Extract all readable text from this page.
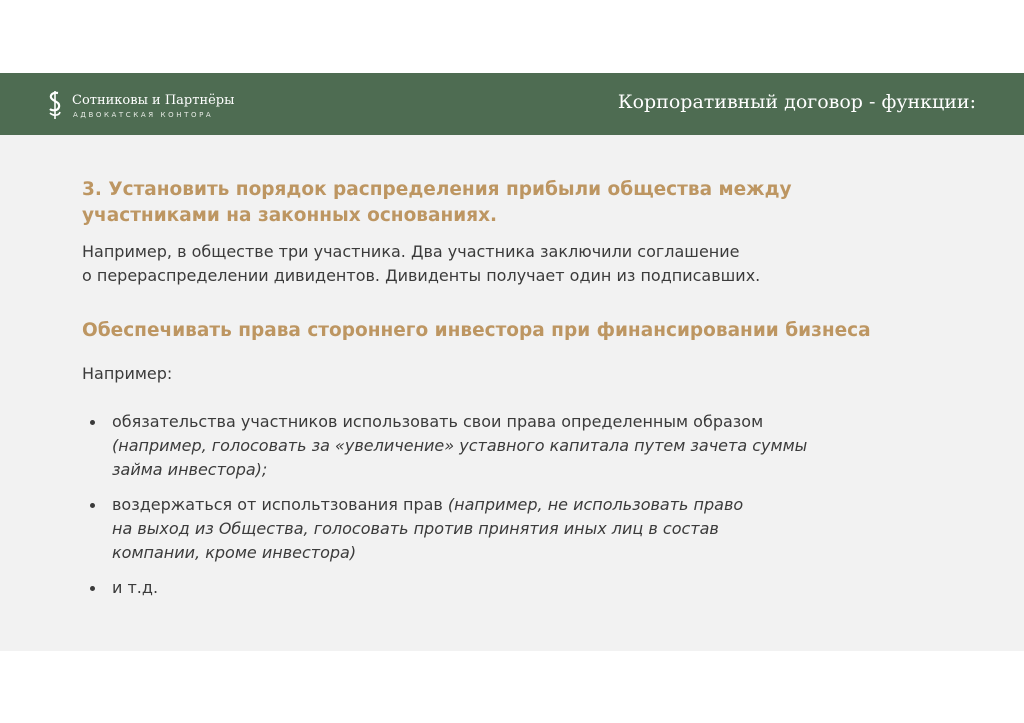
Сотниковы и Партнёры
АДВОКАТСКАЯ КОНТОРА
Корпоративный договор - функции:

3. Установить порядок распределения прибыли общества между

участниками на законных основаниях.

Например, в обществе три участника. Два участника заключили соглашение

о перераспределении дивидентов. Дивиденты получает один из подписавших.

Обеспечивать права стороннего инвестора при финансировании бизнеса

Например:

обязательства участников использовать свои права определенным образом
(например, голосовать за «увеличение» уставного капитала путем зачета суммы
займа инвестора);
воздержаться от испольтзования прав (например, не использовать право
на выход из Общества, голосовать против принятия иных лиц в состав
компании, кроме инвестора)
и т.д.
